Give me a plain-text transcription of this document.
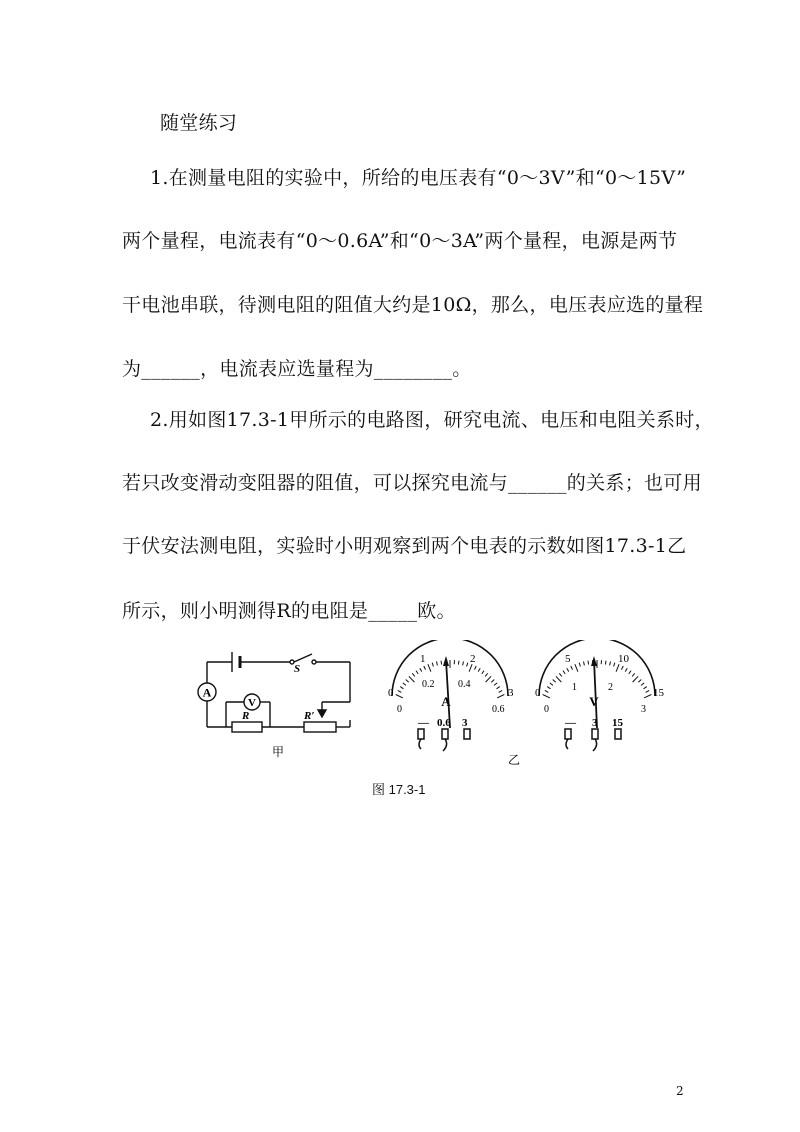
随堂练习
1.在测量电阻的实验中，所给的电压表有“0～3V”和“0～15V”
两个量程，电流表有“0～0.6A”和“0～3A”两个量程，电源是两节
干电池串联，待测电阻的阻值大约是10Ω，那么，电压表应选的量程
为______，电流表应选量程为________。
2.用如图17.3-1甲所示的电路图，研究电流、电压和电阻关系时，
若只改变滑动变阻器的阻值，可以探究电流与______的关系；也可用
于伏安法测电阻，实验时小明观察到两个电表的示数如图17.3-1乙
所示，则小明测得R的电阻是_____欧。
A
V
S
R	R′
甲
0
1	2
3
0
0.2 0.4
0.6
A
— 0.6 3
乙
0
5	10
15
0
1	2
3
V
— 3 15
图 17.3-1
2
